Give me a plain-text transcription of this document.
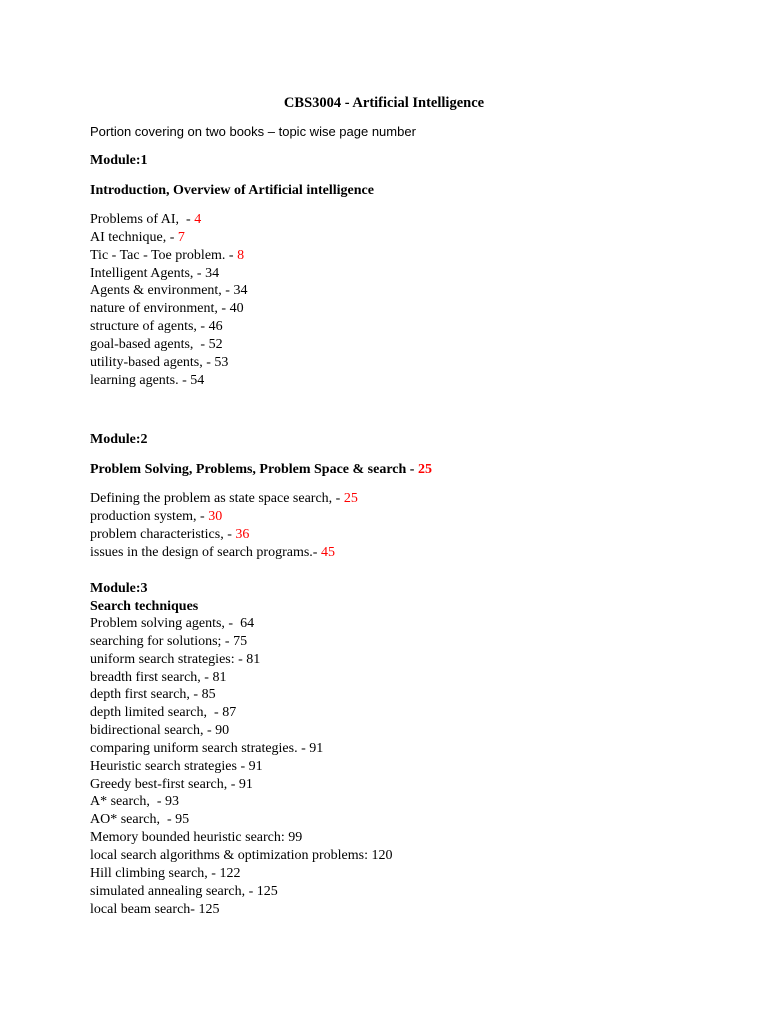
CBS3004 - Artificial Intelligence
Portion covering on two books – topic wise page number
Module:1
Introduction, Overview of Artificial intelligence
Problems of AI,  - 4
AI technique, - 7
Tic - Tac - Toe problem. - 8
Intelligent Agents, - 34
Agents & environment, - 34
nature of environment, - 40
structure of agents, - 46
goal-based agents,  - 52
utility-based agents, - 53
learning agents. - 54
Module:2
Problem Solving, Problems, Problem Space & search - 25
Defining the problem as state space search, - 25
production system, - 30
problem characteristics, - 36
issues in the design of search programs.- 45
Module:3
Search techniques
Problem solving agents, -  64
searching for solutions; - 75
uniform search strategies: - 81
breadth first search, - 81
depth first search, - 85
depth limited search,  - 87
bidirectional search, - 90
comparing uniform search strategies. - 91
Heuristic search strategies - 91
Greedy best-first search, - 91
A* search,  - 93
AO* search,  - 95
Memory bounded heuristic search: 99
local search algorithms & optimization problems: 120
Hill climbing search, - 122
simulated annealing search, - 125
local beam search- 125
